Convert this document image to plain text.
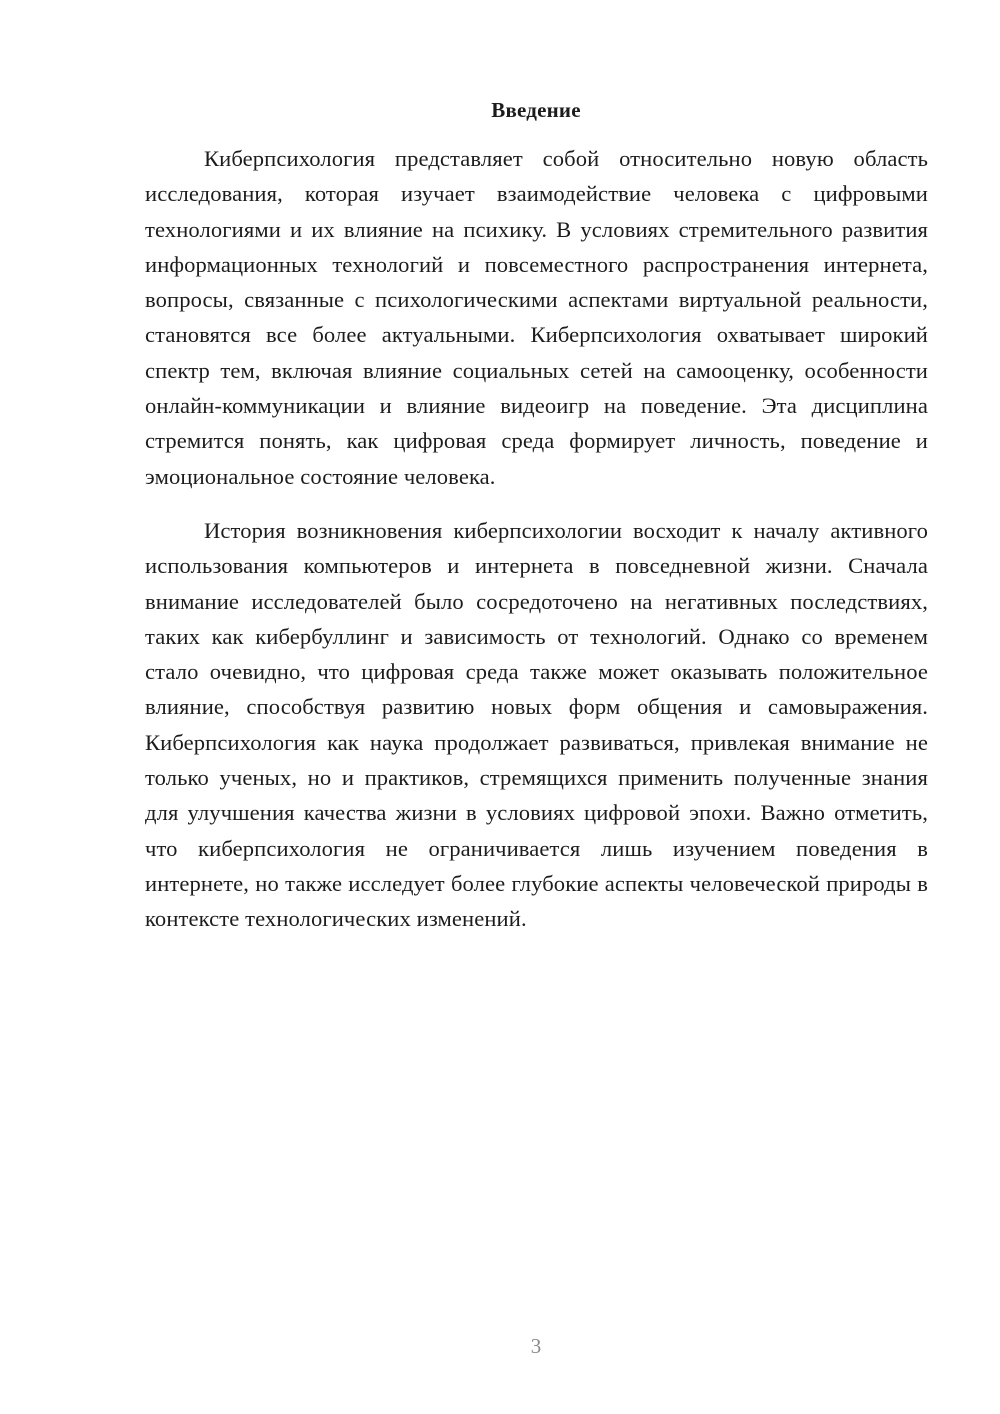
Введение

Киберпсихология представляет собой относительно новую область исследования, которая изучает взаимодействие человека с цифровыми технологиями и их влияние на психику. В условиях стремительного развития информационных технологий и повсеместного распространения интернета, вопросы, связанные с психологическими аспектами виртуальной реальности, становятся все более актуальными. Киберпсихология охватывает широкий спектр тем, включая влияние социальных сетей на самооценку, особенности онлайн-коммуникации и влияние видеоигр на поведение. Эта дисциплина стремится понять, как цифровая среда формирует личность, поведение и эмоциональное состояние человека.

История возникновения киберпсихологии восходит к началу активного использования компьютеров и интернета в повседневной жизни. Сначала внимание исследователей было сосредоточено на негативных последствиях, таких как кибербуллинг и зависимость от технологий. Однако со временем стало очевидно, что цифровая среда также может оказывать положительное влияние, способствуя развитию новых форм общения и самовыражения. Киберпсихология как наука продолжает развиваться, привлекая внимание не только ученых, но и практиков, стремящихся применить полученные знания для улучшения качества жизни в условиях цифровой эпохи. Важно отметить, что киберпсихология не ограничивается лишь изучением поведения в интернете, но также исследует более глубокие аспекты человеческой природы в контексте технологических изменений.

3
